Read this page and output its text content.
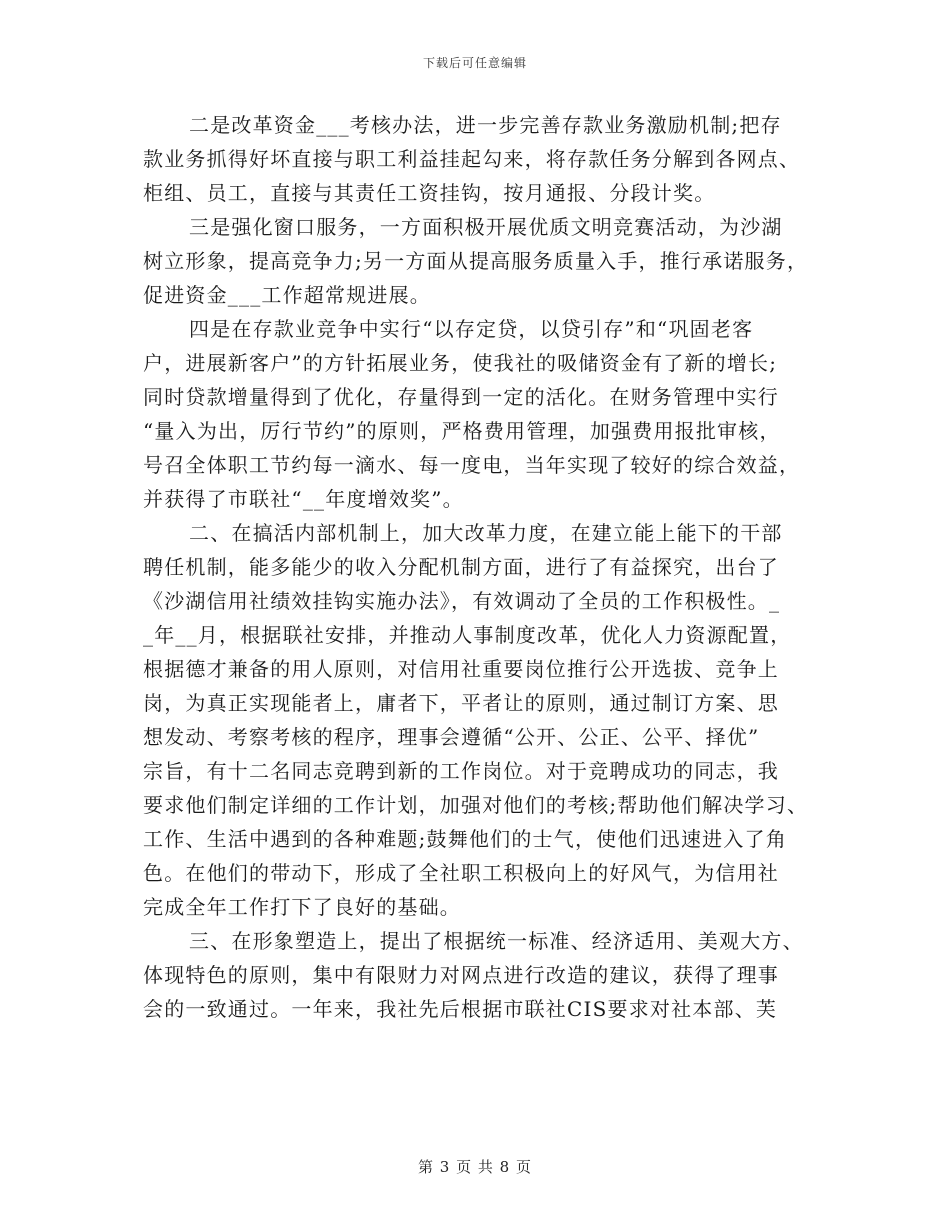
下载后可任意编辑
二是改革资金___考核办法，进一步完善存款业务激励机制;把存
款业务抓得好坏直接与职工利益挂起勾来，将存款任务分解到各网点、
柜组、员工，直接与其责任工资挂钩，按月通报、分段计奖。
三是强化窗口服务，一方面积极开展优质文明竞赛活动，为沙湖
树立形象，提高竞争力;另一方面从提高服务质量入手，推行承诺服务，
促进资金___工作超常规进展。
四是在存款业竞争中实行“以存定贷，以贷引存”和“巩固老客
户，进展新客户”的方针拓展业务，使我社的吸储资金有了新的增长;
同时贷款增量得到了优化，存量得到一定的活化。在财务管理中实行
“量入为出，厉行节约”的原则，严格费用管理，加强费用报批审核，
号召全体职工节约每一滴水、每一度电，当年实现了较好的综合效益，
并获得了市联社“__年度增效奖”。
二、在搞活内部机制上，加大改革力度，在建立能上能下的干部
聘任机制，能多能少的收入分配机制方面，进行了有益探究，出台了
《沙湖信用社绩效挂钩实施办法》，有效调动了全员的工作积极性。_
_年__月，根据联社安排，并推动人事制度改革，优化人力资源配置，
根据德才兼备的用人原则，对信用社重要岗位推行公开选拔、竞争上
岗，为真正实现能者上，庸者下，平者让的原则，通过制订方案、思
想发动、考察考核的程序，理事会遵循“公开、公正、公平、择优”
宗旨，有十二名同志竞聘到新的工作岗位。对于竞聘成功的同志，我
要求他们制定详细的工作计划，加强对他们的考核;帮助他们解决学习、
工作、生活中遇到的各种难题;鼓舞他们的士气，使他们迅速进入了角
色。在他们的带动下，形成了全社职工积极向上的好风气，为信用社
完成全年工作打下了良好的基础。
三、在形象塑造上，提出了根据统一标准、经济适用、美观大方、
体现特色的原则，集中有限财力对网点进行改造的建议，获得了理事
会的一致通过。一年来，我社先后根据市联社CIS要求对社本部、芙
第 3 页 共 8 页
